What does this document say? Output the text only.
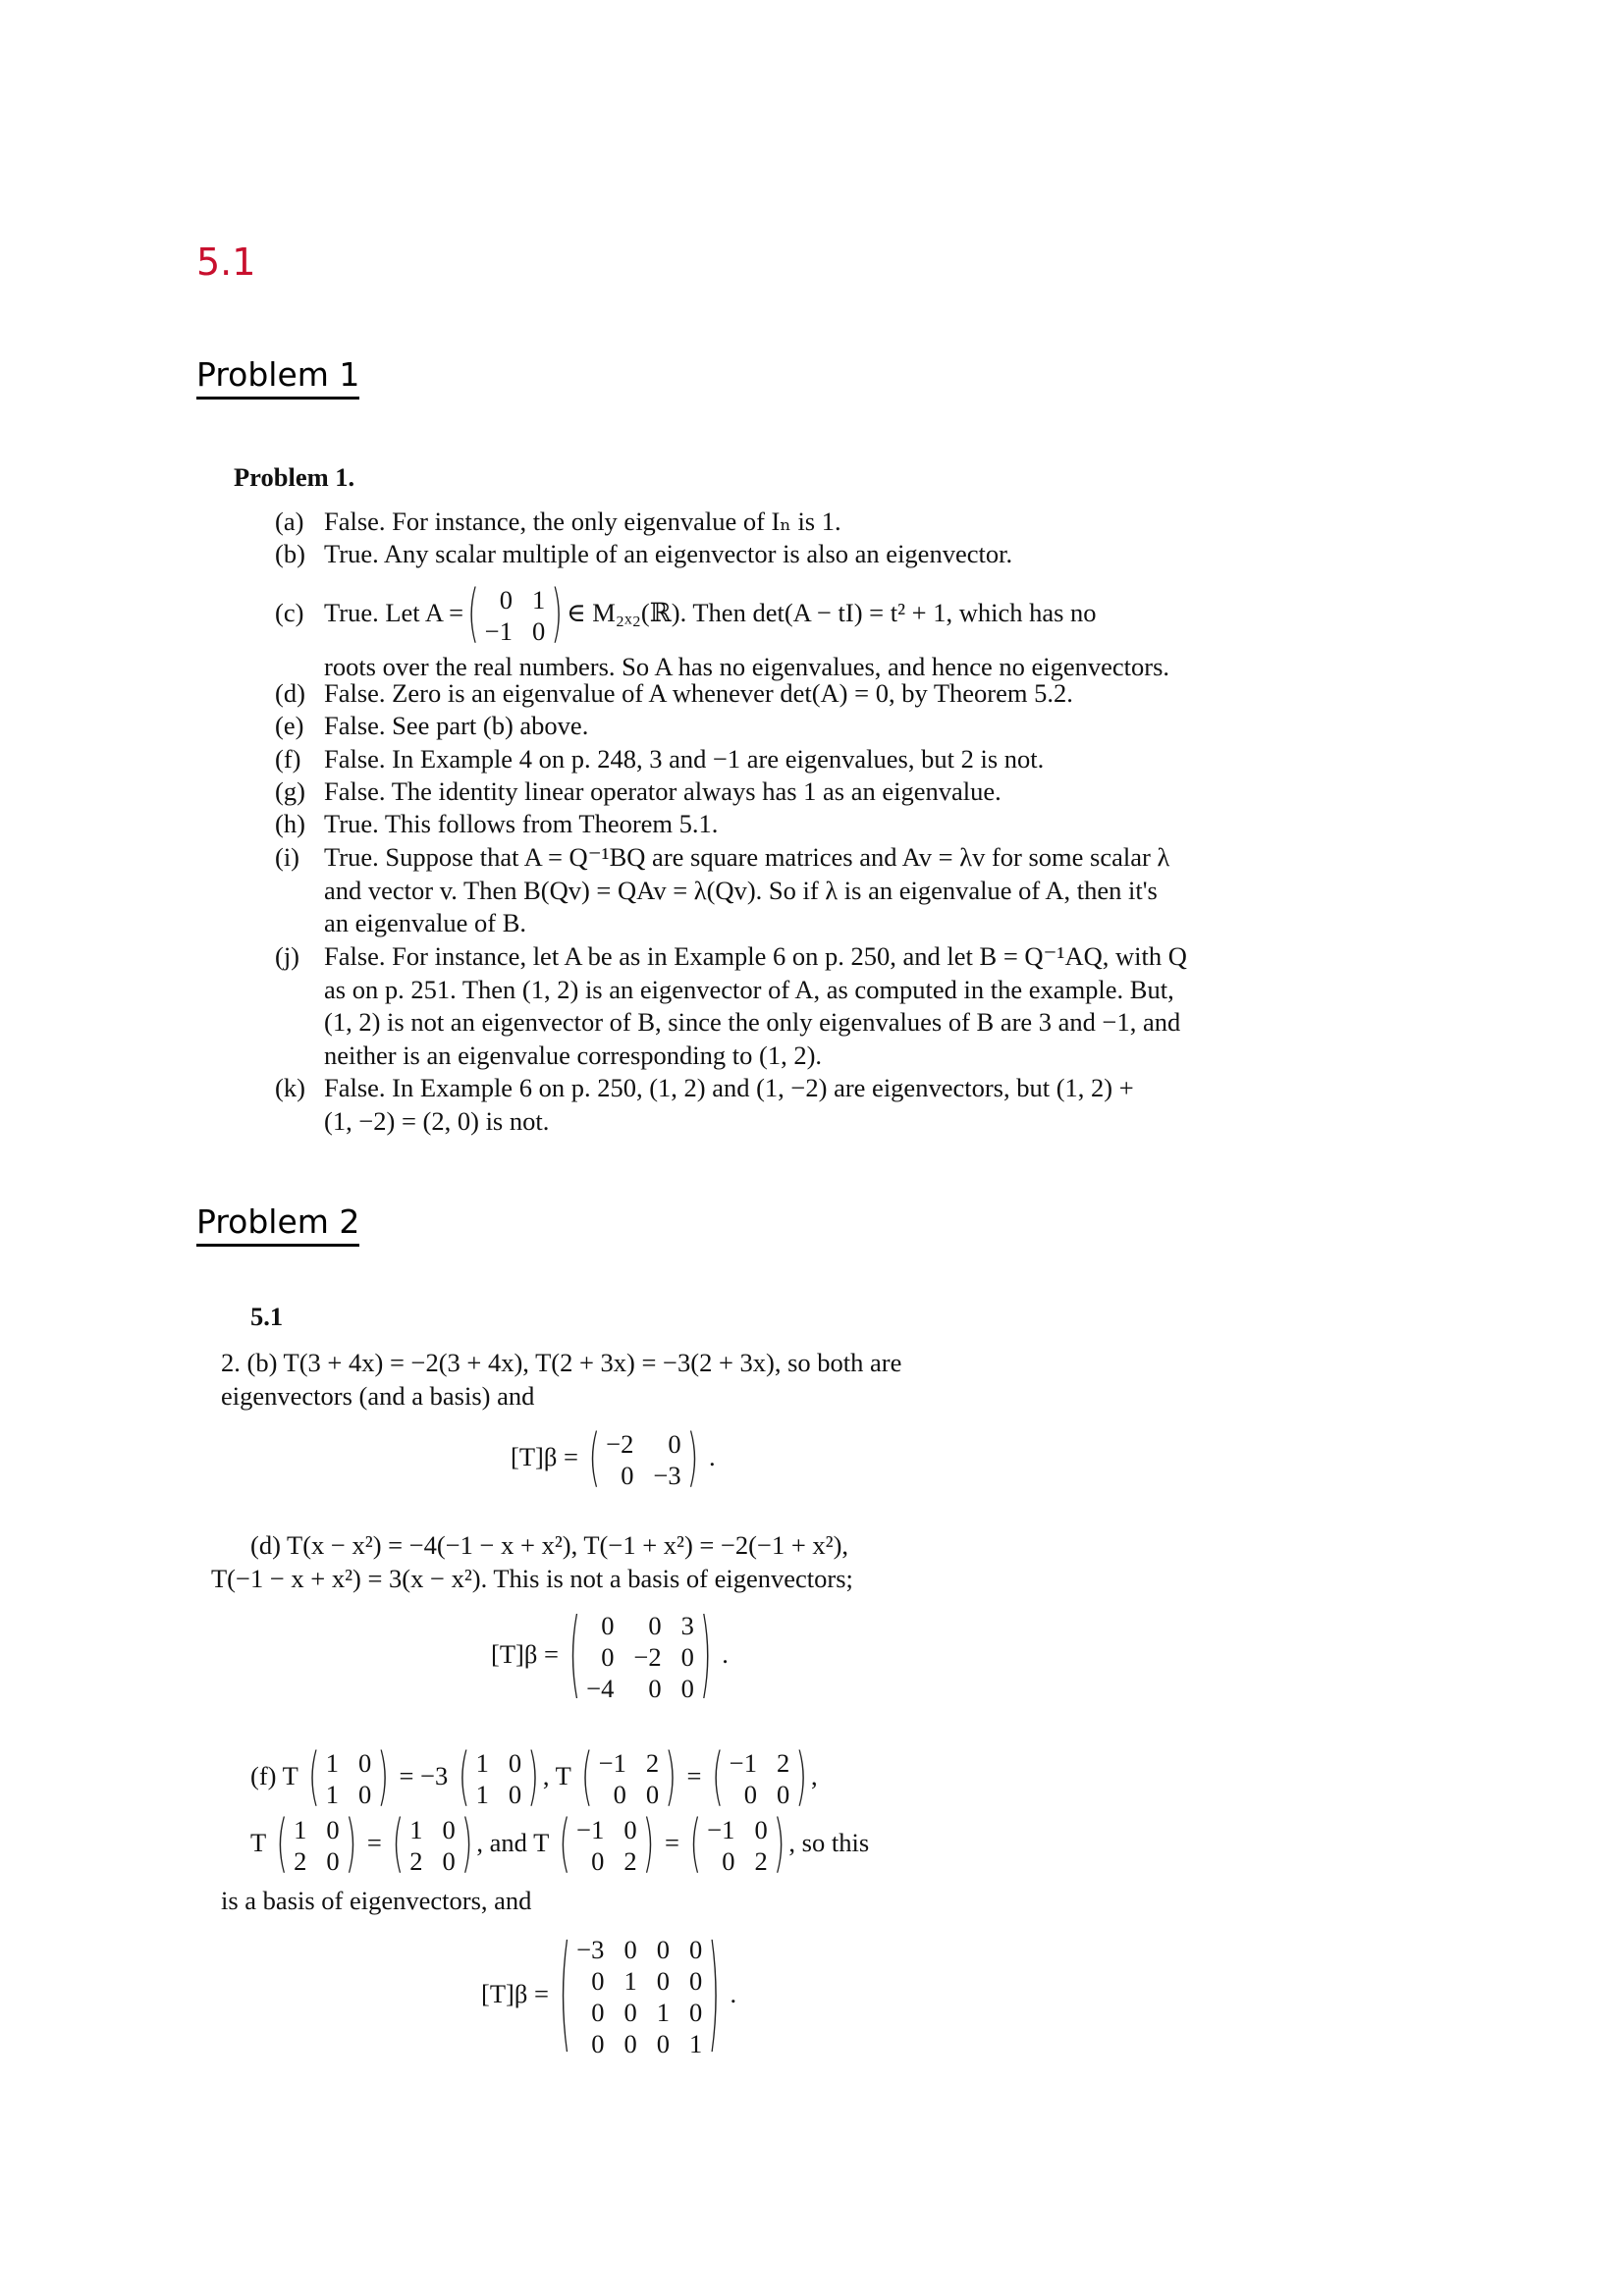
5.1
Problem 1
Problem 1.
(a) False. For instance, the only eigenvalue of Iₙ is 1.
(b) True. Any scalar multiple of an eigenvector is also an eigenvector.
(c) True. Let A = ( 0 1
−1 0 ) ∈ M₂ₓ₂(ℝ). Then det(A − tI) = t² + 1, which has no
roots over the real numbers. So A has no eigenvalues, and hence no eigenvectors.
(d) False. Zero is an eigenvalue of A whenever det(A) = 0, by Theorem 5.2.
(e) False. See part (b) above.
(f) False. In Example 4 on p. 248, 3 and −1 are eigenvalues, but 2 is not.
(g) False. The identity linear operator always has 1 as an eigenvalue.
(h) True. This follows from Theorem 5.1.
(i) True. Suppose that A = Q⁻¹BQ are square matrices and Av = λv for some scalar λ
and vector v. Then B(Qv) = QAv = λ(Qv). So if λ is an eigenvalue of A, then it's
an eigenvalue of B.
(j) False. For instance, let A be as in Example 6 on p. 250, and let B = Q⁻¹AQ, with Q
as on p. 251. Then (1, 2) is an eigenvector of A, as computed in the example. But,
(1, 2) is not an eigenvector of B, since the only eigenvalues of B are 3 and −1, and
neither is an eigenvalue corresponding to (1, 2).
(k) False. In Example 6 on p. 250, (1, 2) and (1, −2) are eigenvectors, but (1, 2) +
(1, −2) = (2, 0) is not.
Problem 2
5.1
2. (b) T(3 + 4x) = −2(3 + 4x), T(2 + 3x) = −3(2 + 3x), so both are
eigenvectors (and a basis) and
[T]β = ( −2	0
0 −3 ) .
(d) T(x − x²) = −4(−1 − x + x²), T(−1 + x²) = −2(−1 + x²),
T(−1 − x + x²) = 3(x − x²). This is not a basis of eigenvectors;
[T]β = ( 0	0 3
0 −2 0
−4	0 0 ) .
(f) T ( 1 0
1 0 ) = −3 ( 1 0
1 0 ) , T ( −1 2
0 0 ) = ( −1 2
0 0 ) ,
T ( 1 0
2 0 ) = ( 1 0
2 0 ) , and T ( −1 0
0 2 ) = ( −1 0
0 2 ) , so this
is a basis of eigenvectors, and
[T]β = ( −3 0 0 0
0 1 0 0
0 0 1 0
0 0 0 1 ) .
